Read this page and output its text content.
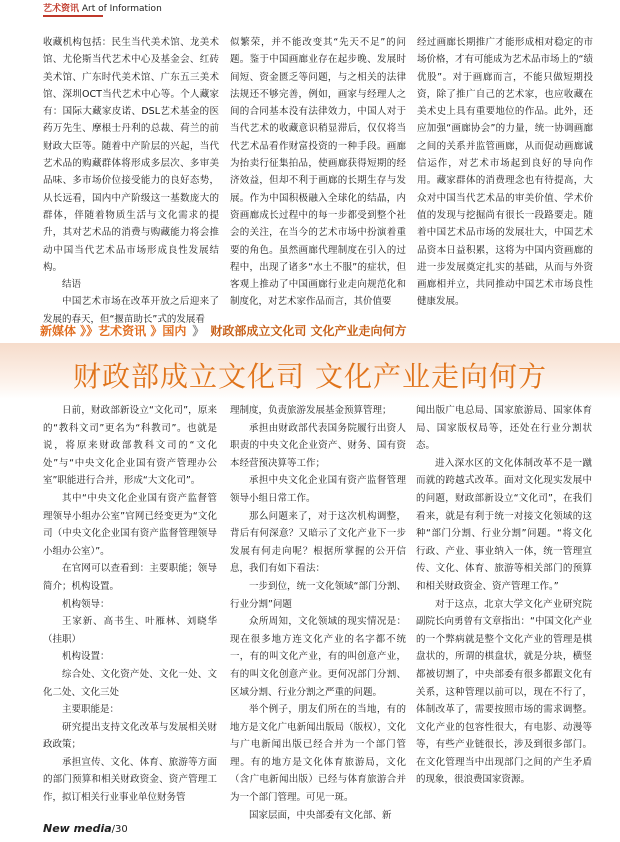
艺术资讯 Art of Information

收藏机构包括：民生当代美术馆、龙美术馆、尤伦斯当代艺术中心及基金会、红砖美术馆、广东时代美术馆、广东五三美术馆、深圳OCT当代艺术中心等。个人藏家有：国际大藏家皮诺、DSL艺术基金的医药万先生、摩根士丹利的总裁、荷兰的前财政大臣等。随着中产阶层的兴起，当代艺术品的购藏群体将形成多层次、多审美品味、多市场价位接受能力的良好态势，从长远看，国内中产阶级这一基数庞大的群体，伴随着物质生活与文化需求的提升，其对艺术品的消费与购藏能力将会推动中国当代艺术品市场形成良性发展结构。

结语

中国艺术市场在改革开放之后迎来了发展的春天，但“揠苗助长”式的发展看

似繁荣，并不能改变其“先天不足”的问题。鉴于中国画廊业存在起步晚、发展时间短、资金匮乏等问题，与之相关的法律法规还不够完善，例如，画家与经理人之间的合同基本没有法律效力，中国人对于当代艺术的收藏意识稍显滞后，仅仅将当代艺术品看作财富投资的一种手段。画廊为抬卖行征集拍品，使画廊获得短期的经济效益，但却不利于画廊的长期生存与发展。作为中国积极融入全球化的结晶，内资画廊成长过程中的每一步都受到整个社会的关注，在当今的艺术市场中扮演着重要的角色。虽然画廊代理制度在引入的过程中，出现了诸多“水土不服”的症状，但客观上推动了中国画廊行业走向规范化和制度化，对艺术家作品而言，其价值要

经过画廊长期推广才能形成相对稳定的市场价格，才有可能成为艺术品市场上的“绩优股”。对于画廊而言，不能只做短期投资，除了推广自己的艺术家，也应收藏在美术史上具有重要地位的作品。此外，还应加强“画廊协会”的力量，统一协调画廊之间的关系并监管画廊，从而促动画廊诚信运作，对艺术市场起到良好的导向作用。藏家群体的消费理念也有待提高，大众对中国当代艺术品的审美价值、学术价值的发现与挖掘尚有很长一段路要走。随着中国艺术品市场的发展壮大，中国艺术品资本日益积累，这将为中国内资画廊的进一步发展奠定扎实的基础，从而与外资画廊相并立，共同推动中国艺术市场良性健康发展。

新媒体 》》艺术资讯 》国内 》 财政部成立文化司 文化产业走向何方
财政部成立文化司 文化产业走向何方

日前，财政部新设立“文化司”，原来的“教科文司”更名为“科教司”。也就是说，将原来财政部教科文司的“文化处”与“中央文化企业国有资产管理办公室”职能进行合并，形成“大文化司”。

其中“中央文化企业国有资产监督管理领导小组办公室”官网已经变更为“文化司（中央文化企业国有资产监督管理领导小组办公室）”。

在官网可以查看到：主要职能；领导简介；机构设置。

机构领导：

王家新、高书生、叶雁林、刘晓华（挂职）

机构设置：

综合处、文化资产处、文化一处、文化二处、文化三处

主要职能是：

研究提出支持文化改革与发展相关财政政策；

承担宣传、文化、体育、旅游等方面的部门预算和相关财政资金、资产管理工作，拟订相关行业事业单位财务管

理制度，负责旅游发展基金预算管理；

承担由财政部代表国务院履行出资人职责的中央文化企业资产、财务、国有资本经营预决算等工作；

承担中央文化企业国有资产监督管理领导小组日常工作。

那么问题来了，对于这次机构调整，背后有何深意？又暗示了文化产业下一步发展有何走向呢？根据所掌握的公开信息，我们有如下看法：

一步到位，统一文化领域“部门分割、行业分割”问题

众所周知，文化领域的现实情况是：现在很多地方连文化产业的名字都不统一，有的叫文化产业，有的叫创意产业，有的叫文化创意产业。更何况部门分割、区域分割、行业分割之严重的问题。

举个例子，朋友们所在的当地，有的地方是文化广电新闻出版局（版权），文化与广电新闻出版已经合并为一个部门管理。有的地方是文化体育旅游局，文化（含广电新闻出版）已经与体育旅游合并为一个部门管理。可见一斑。

国家层面，中央部委有文化部、新

闻出版广电总局、国家旅游局、国家体育局、国家版权局等，还处在行业分割状态。

进入深水区的文化体制改革不是一蹴而就的跨越式改革。面对文化现实发展中的问题，财政部新设立“文化司”，在我们看来，就是有利于统一对接文化领域的这种“部门分割、行业分割”问题。“将文化行政、产业、事业纳入一体，统一管理宣传、文化、体育、旅游等相关部门的预算和相关财政资金、资产管理工作。”

对于这点，北京大学文化产业研究院副院长向勇曾有文章指出：“中国文化产业的一个弊病就是整个文化产业的管理是棋盘状的，所谓的棋盘状，就是分块，横竖都被切割了，中央部委有很多都跟文化有关系，这种管理以前可以，现在不行了，体制改革了，需要按照市场的需求调整。文化产业的包容性很大，有电影、动漫等等，有些产业链很长，涉及到很多部门。在文化管理当中出现部门之间的产生矛盾的现象，很浪费国家资源。

New media/30
